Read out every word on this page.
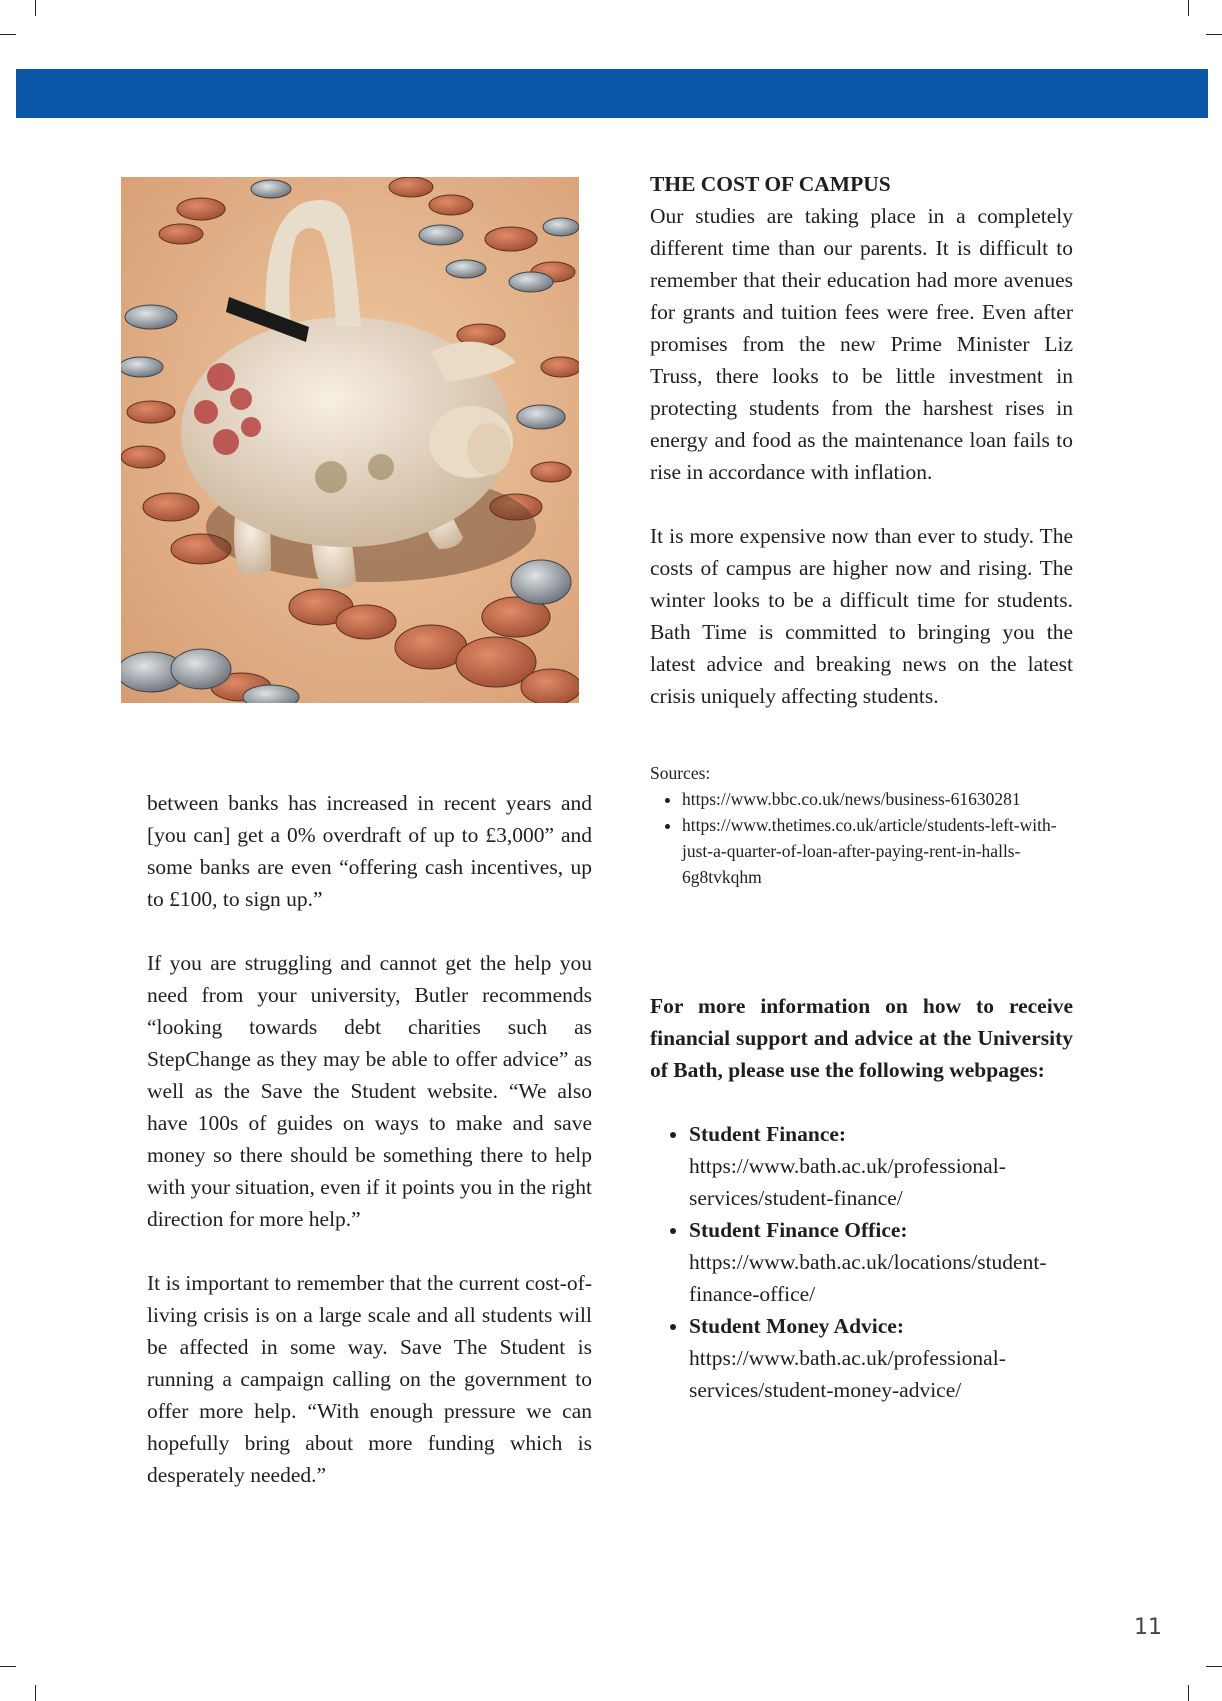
between banks has increased in recent years and [you can] get a 0% overdraft of up to £3,000” and some banks are even “offering cash incentives, up to £100, to sign up.”

If you are struggling and cannot get the help you need from your university, Butler recommends “looking towards debt charities such as StepChange as they may be able to offer advice” as well as the Save the Student website. “We also have 100s of guides on ways to make and save money so there should be something there to help with your situation, even if it points you in the right direction for more help.”

It is important to remember that the current cost-of-living crisis is on a large scale and all students will be affected in some way. Save The Student is running a campaign calling on the government to offer more help. “With enough pressure we can hopefully bring about more funding which is desperately needed.”

THE COST OF CAMPUS

Our studies are taking place in a completely different time than our parents. It is difficult to remember that their education had more avenues for grants and tuition fees were free. Even after promises from the new Prime Minister Liz Truss, there looks to be little investment in protecting students from the harshest rises in energy and food as the maintenance loan fails to rise in accordance with inflation.

It is more expensive now than ever to study. The costs of campus are higher now and rising. The winter looks to be a difficult time for students. Bath Time is committed to bringing you the latest advice and breaking news on the latest crisis uniquely affecting students.

Sources:
• https://www.bbc.co.uk/news/business-61630281
• https://www.thetimes.co.uk/article/students-left-with-just-a-quarter-of-loan-after-paying-rent-in-halls-6g8tvkqhm

For more information on how to receive financial support and advice at the University of Bath, please use the following webpages:

• Student Finance:
https://www.bath.ac.uk/professional-services/student-finance/
• Student Finance Office:
https://www.bath.ac.uk/locations/student-finance-office/
• Student Money Advice:
https://www.bath.ac.uk/professional-services/student-money-advice/
11
